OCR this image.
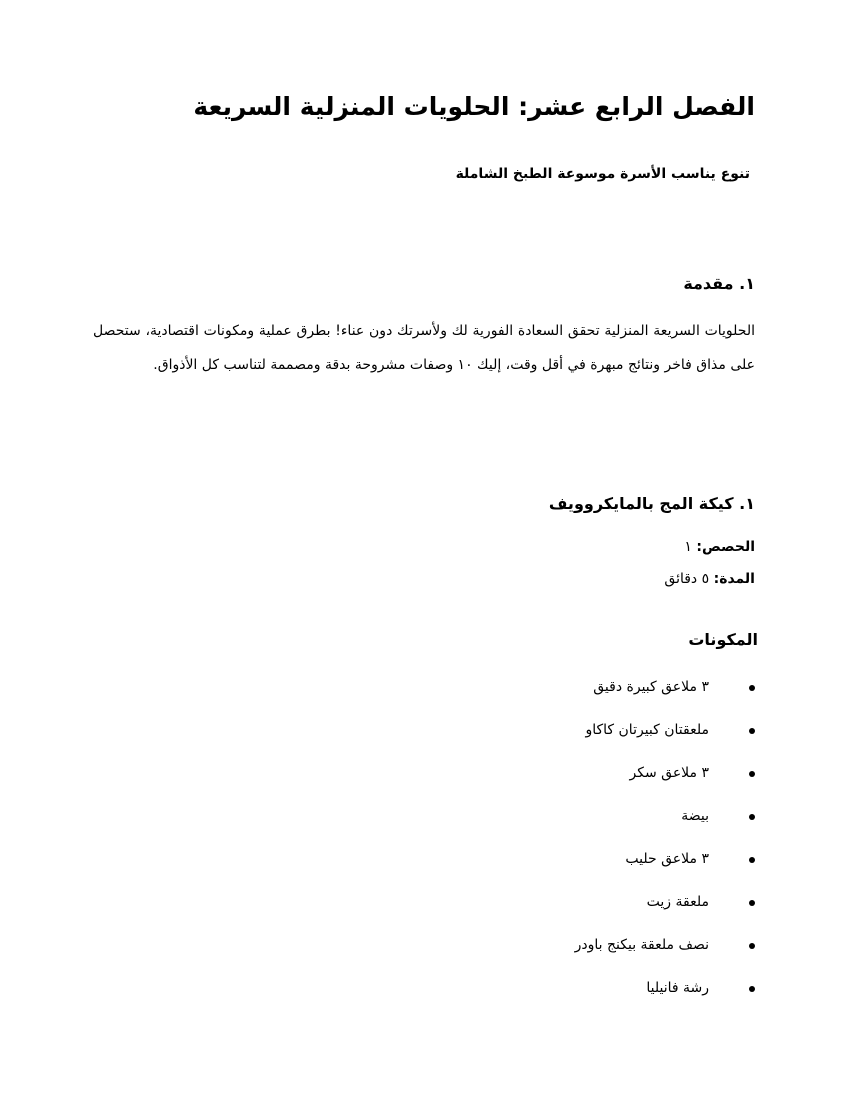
الفصل الرابع عشر: الحلويات المنزلية السريعة

تنوع يناسب الأسرة موسوعة الطبخ الشاملة

١. مقدمة

الحلويات السريعة المنزلية تحقق السعادة الفورية لك ولأسرتك دون عناء! بطرق عملية ومكونات اقتصادية، ستحصل على مذاق فاخر ونتائج مبهرة في أقل وقت، إليك ١٠ وصفات مشروحة بدقة ومصممة لتناسب كل الأذواق.

١. كيكة المج بالمايكروويف

الحصص: ١

المدة: ٥ دقائق

المكونات
٣ ملاعق كبيرة دقيق
ملعقتان كبيرتان كاكاو
٣ ملاعق سكر
بيضة
٣ ملاعق حليب
ملعقة زيت
نصف ملعقة بيكنج باودر
رشة فانيليا
